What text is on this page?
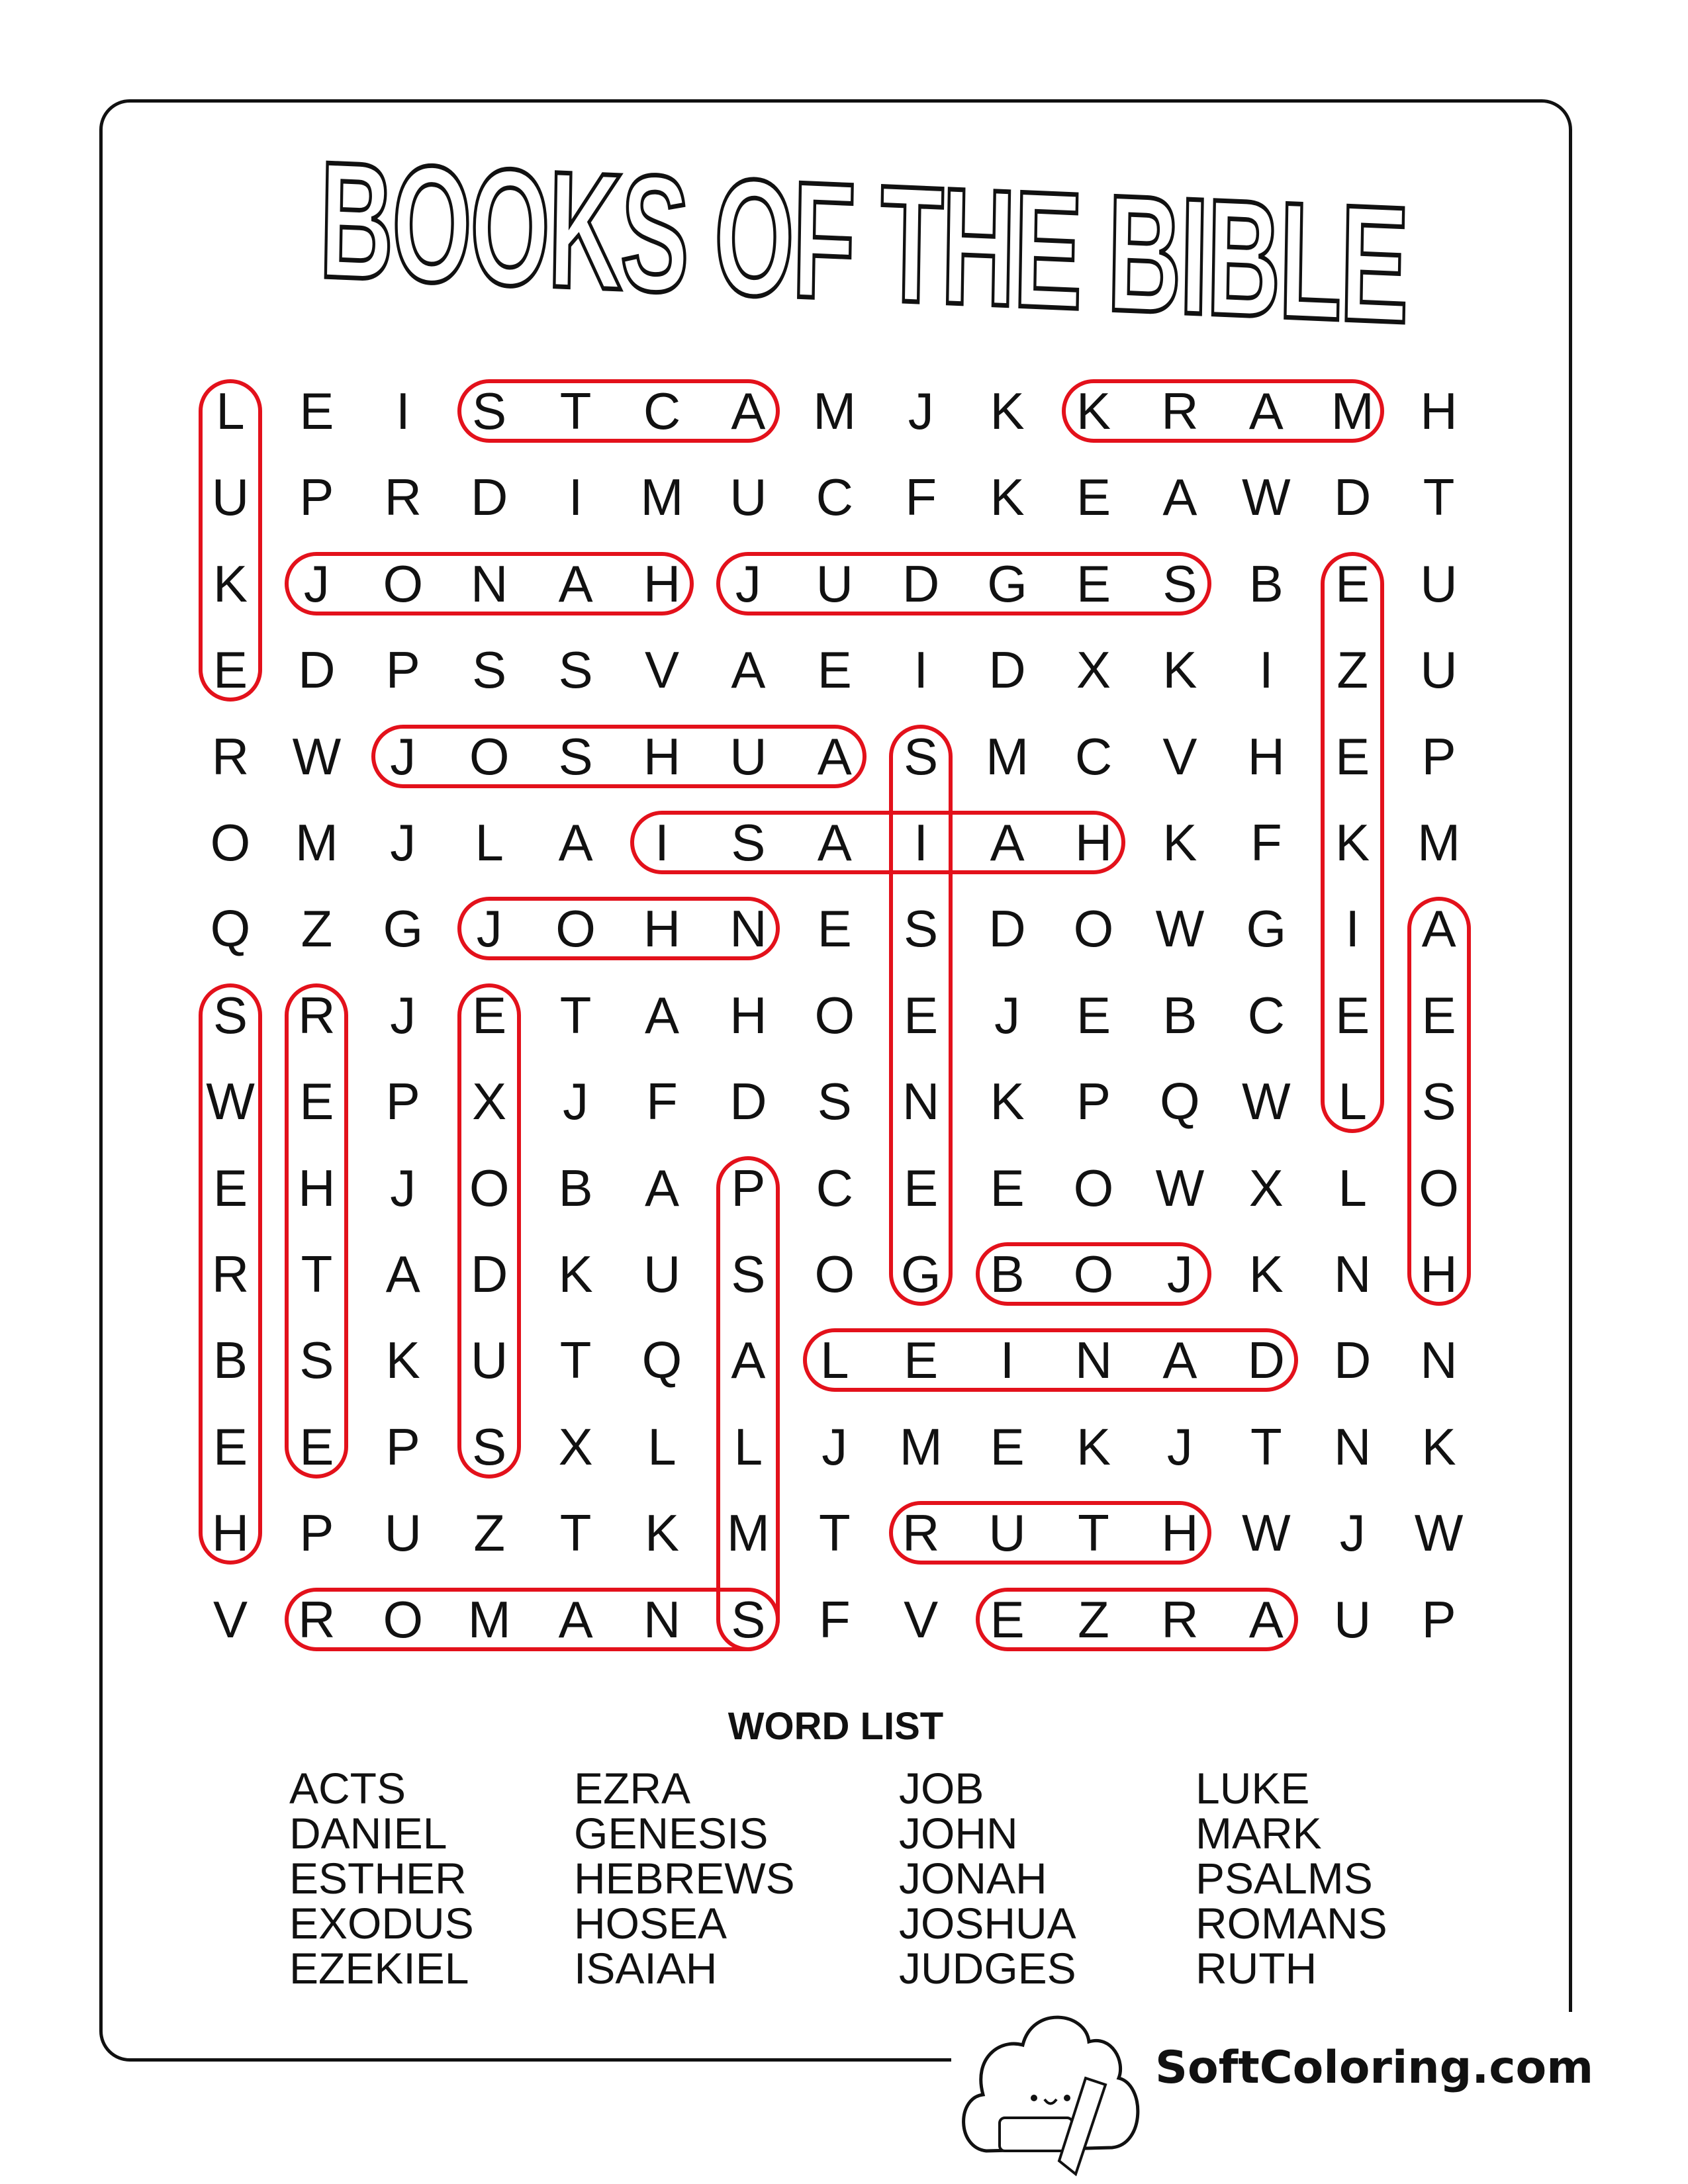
BOOKS OF THE BIBLE
L	E	I	S	T	C A M	J	K	K R A M H
U P R D	I	M U C	F	K	E	A W D	T
K	J	O N A H	J	U D G E	S	B	E U
E D P	S	S	V	A	E	I	D X	K	I	Z	U
R W J	O S H U A	S M C V H E	P
O M	J	L	A	I	S	A	I	A H K	F	K M
Q Z G	J	O H N E	S D O W G	I	A
S R	J	E	T	A H O E	J	E	B C E	E
W E	P	X	J	F	D S N K	P Q W L	S
E H	J	O B	A	P C E	E O W X	L	O
R	T	A D K U S O G B O	J	K N H
B	S	K U	T Q A	L	E	I	N A D D N
E	E	P	S	X	L	L	J	M E	K	J	T	N K
H P U	Z	T	K M T	R U	T	H W J W
V R O M A N S	F	V	E	Z	R A U P
WORD LIST
ACTS
DANIEL
ESTHER
EXODUS
EZEKIEL
EZRA
GENESIS
HEBREWS
HOSEA
ISAIAH
JOB
JOHN
JONAH
JOSHUA
JUDGES
LUKE
MARK
PSALMS
ROMANS
RUTH
SoftColoring.com
